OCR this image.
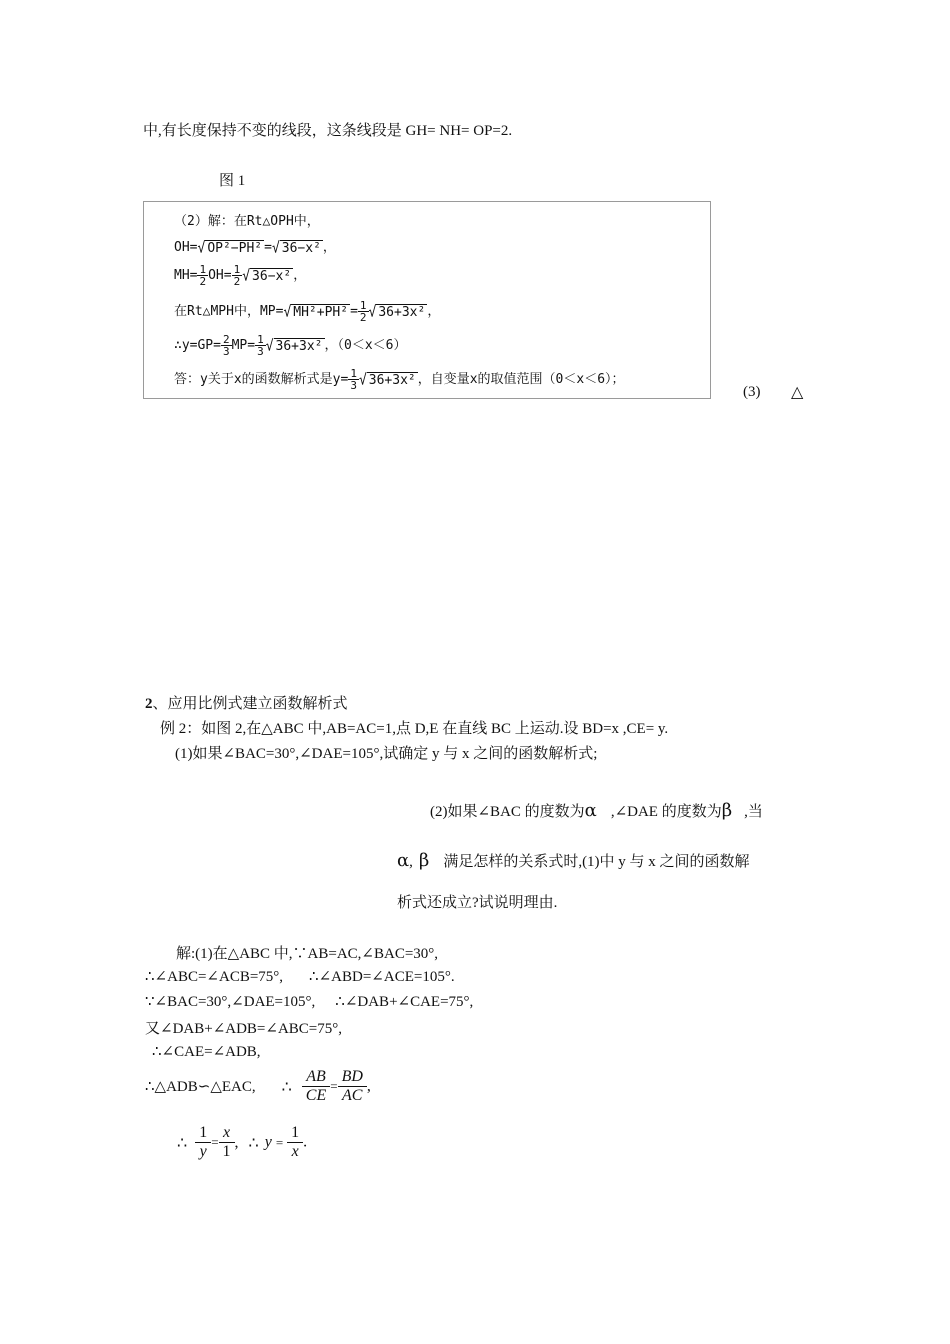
中,有长度保持不变的线段，这条线段是 GH= NH= OP=2.
图 1
（2）解：在Rt△OPH中，
OH=√ OP²−PH² =√ 36−x² ，
$MH= \frac{1}{2} OH= \frac{1}{2}$ √ 36−x² ，
在Rt△MPH中，MP=√ $MH^2+PH^2 = \frac{1}{2}$ √ 36+3x² ，
∴y=GP= $\frac{2}{3} MP= \frac{1}{3}$ √ 36+3x² ，（0＜x＜6）
答：y关于x的函数解析式是$y= \frac{1}{3}$ √ 36+3x² ，自变量x的取值范围（0＜x＜6）；
(3) △
2、应用比例式建立函数解析式
例 2：如图 2,在△ABC 中,AB=AC=1,点 D,E 在直线 BC 上运动.设 BD=x ,CE= y.
(1)如果∠BAC=30°,∠DAE=105°,试确定 y 与 x 之间的函数解析式;
(2)如果∠BAC 的度数为α ,∠DAE 的度数为β ,当
α, β 满足怎样的关系式时,(1)中 y 与 x 之间的函数解
析式还成立?试说明理由.
解:(1)在△ABC 中,∵AB=AC,∠BAC=30°,
∴∠ABC=∠ACB=75°, ∴∠ABD=∠ACE=105°.
∵∠BAC=30°,∠DAE=105°, ∴∠DAB+∠CAE=75°,
又∠DAB+∠ADB=∠ABC=75°,
∴∠CAE=∠ADB,
∴△ADB∽△EAC, ∴ $\frac{AB}{CE} = \frac{BD}{AC}$ ,
∴ $\frac{1}{y} = \frac{x}{1}$ , ∴ $y = \frac{1}{x}$ .
